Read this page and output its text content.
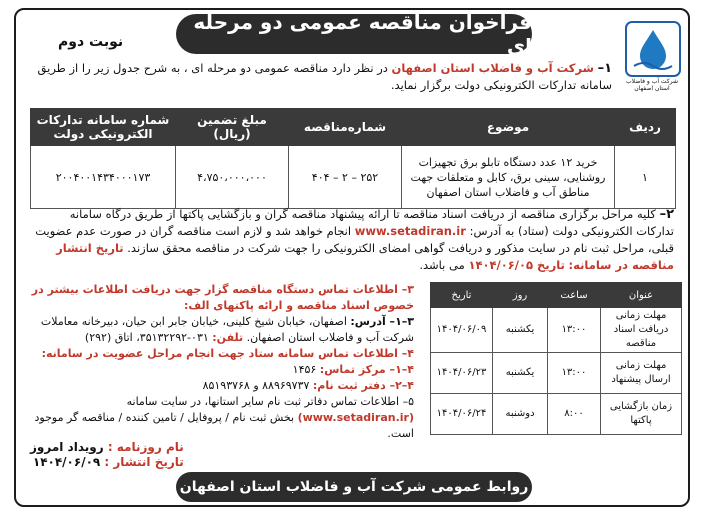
فراخوان مناقصه عمومی دو مرحله ای
نوبت دوم
شرکت آب و فاضلاب استان اصفهان
۱– شرکت آب و فاضلاب استان اصفهان در نظر دارد مناقصه عمومی دو مرحله ای ، به شرح جدول زیر را از طریق سامانه تدارکات الکترونیکی دولت برگزار نماید.
ردیف	موضوع	شماره‌مناقصه	مبلغ تضمین (ریال)	شماره سامانه تدارکات الکترونیکی دولت
۱	خرید ۱۲ عدد دستگاه تابلو برق تجهیزات روشنایی، سینی برق، کابل و متعلقات جهت مناطق آب و فاضلاب استان اصفهان	۲۵۲ – ۲ – ۴۰۴	۴،۷۵۰،۰۰۰،۰۰۰	۲۰۰۴۰۰۱۴۳۴۰۰۰۱۷۳
۲– کلیه مراحل برگزاری مناقصه از دریافت اسناد مناقصه تا ارائه پیشنهاد مناقصه گران و بازگشایی پاکتها از طریق درگاه سامانه تدارکات الکترونیکی دولت (ستاد) به آدرس: www.setadiran.ir انجام خواهد شد و لازم است مناقصه گران در صورت عدم عضویت قبلی، مراحل ثبت نام در سایت مذکور و دریافت گواهی امضای الکترونیکی را جهت شرکت در مناقصه محقق سازند. تاریخ انتشار مناقصه در سامانه: تاریخ ۱۴۰۴/۰۶/۰۵ می باشد.
۳– اطلاعات تماس دستگاه مناقصه گزار جهت دریافت اطلاعات بیشتر در خصوص اسناد مناقصه و ارائه پاکتهای الف:
۳–۱– آدرس: اصفهان، خیابان شیخ کلینی، خیابان جابر ابن حیان، دبیرخانه معاملات شرکت آب و فاضلاب استان اصفهان. تلفن: ۰۳۱-۳۵۱۳۲۲۹۲، اتاق (۲۹۲)
۴– اطلاعات تماس سامانه ستاد جهت انجام مراحل عضویت در سامانه:
۴–۱– مرکز تماس: ۱۴۵۶
۴–۲– دفتر ثبت نام: ۸۸۹۶۹۷۳۷ و ۸۵۱۹۳۷۶۸
۵– اطلاعات تماس دفاتر ثبت نام سایر استانها، در سایت سامانه (www.setadiran.ir) بخش ثبت نام / پروفایل / تامین کننده / مناقصه گر موجود است.
عنوان	ساعت	روز	تاریخ
مهلت زمانی دریافت اسناد مناقصه	۱۳:۰۰	یکشنبه	۱۴۰۴/۰۶/۰۹
مهلت زمانی ارسال پیشنهاد	۱۳:۰۰	یکشنبه	۱۴۰۴/۰۶/۲۳
زمان بازگشایی پاکتها	۸:۰۰	دوشنبه	۱۴۰۴/۰۶/۲۴
نام روزنامه : رویداد امروز
تاریخ انتشار : ۱۴۰۴/۰۶/۰۹
روابط عمومی شرکت آب و فاضلاب استان اصفهان
